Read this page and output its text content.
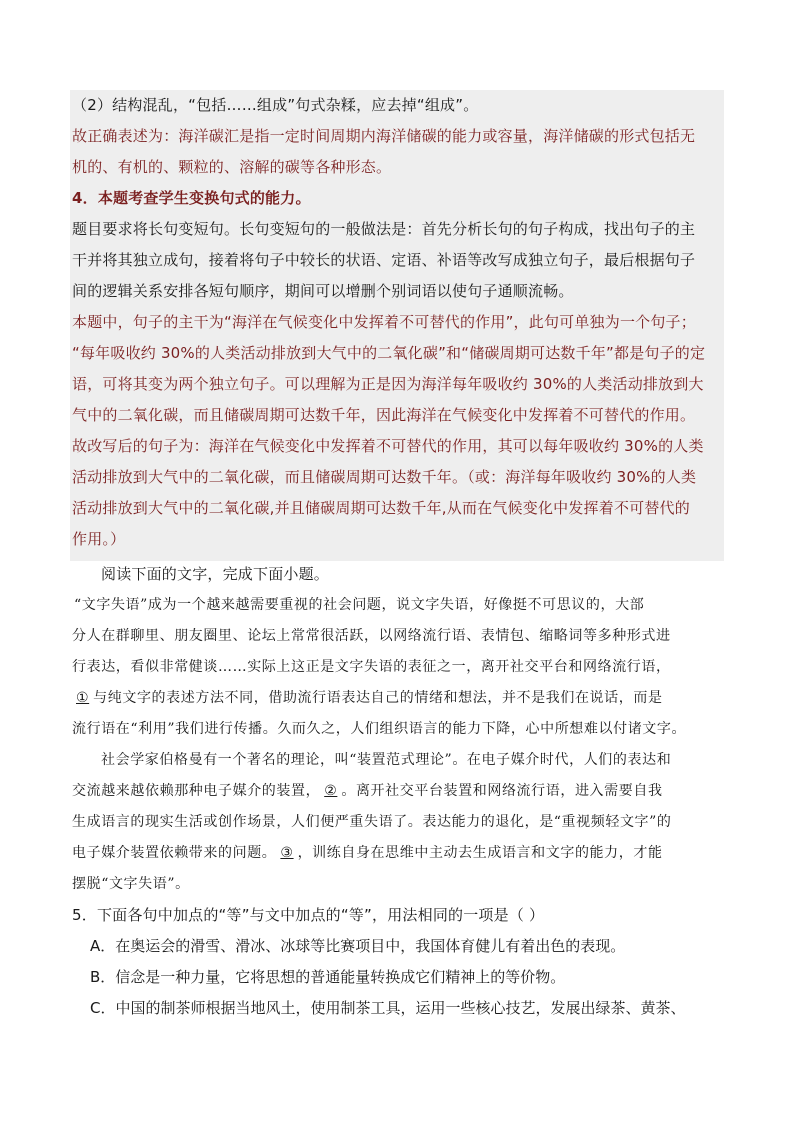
（2）结构混乱，“包括……组成”句式杂糅，应去掉“组成”。
故正确表述为：海洋碳汇是指一定时间周期内海洋储碳的能力或容量，海洋储碳的形式包括无
机的、有机的、颗粒的、溶解的碳等各种形态。
4．本题考查学生变换句式的能力。
题目要求将长句变短句。长句变短句的一般做法是：首先分析长句的句子构成，找出句子的主
干并将其独立成句，接着将句子中较长的状语、定语、补语等改写成独立句子，最后根据句子
间的逻辑关系安排各短句顺序，期间可以增删个别词语以使句子通顺流畅。
本题中，句子的主干为“海洋在气候变化中发挥着不可替代的作用”，此句可单独为一个句子；
“每年吸收约 30%的人类活动排放到大气中的二氧化碳”和“储碳周期可达数千年”都是句子的定
语，可将其变为两个独立句子。可以理解为正是因为海洋每年吸收约 30%的人类活动排放到大
气中的二氧化碳，而且储碳周期可达数千年，因此海洋在气候变化中发挥着不可替代的作用。
故改写后的句子为：海洋在气候变化中发挥着不可替代的作用，其可以每年吸收约 30%的人类
活动排放到大气中的二氧化碳，而且储碳周期可达数千年。（或：海洋每年吸收约 30%的人类
活动排放到大气中的二氧化碳,并且储碳周期可达数千年,从而在气候变化中发挥着不可替代的
作用。）
阅读下面的文字，完成下面小题。
“文字失语”成为一个越来越需要重视的社会问题，说文字失语，好像挺不可思议的，大部
分人在群聊里、朋友圈里、论坛上常常很活跃，以网络流行语、表情包、缩略词等多种形式进
行表达，看似非常健谈……实际上这正是文字失语的表征之一，离开社交平台和网络流行语，
① 与纯文字的表述方法不同，借助流行语表达自己的情绪和想法，并不是我们在说话，而是
流行语在“利用”我们进行传播。久而久之，人们组织语言的能力下降，心中所想难以付诸文字。
社会学家伯格曼有一个著名的理论，叫“装置范式理论”。在电子媒介时代，人们的表达和
交流越来越依赖那种电子媒介的装置， ② 。离开社交平台装置和网络流行语，进入需要自我
生成语言的现实生活或创作场景，人们便严重失语了。表达能力的退化，是“重视频轻文字”的
电子媒介装置依赖带来的问题。 ③ ，训练自身在思维中主动去生成语言和文字的能力，才能
摆脱“文字失语”。
5．下面各句中加点的“等”与文中加点的“等”，用法相同的一项是（ ）
A．在奥运会的滑雪、滑冰、冰球等比赛项目中，我国体育健儿有着出色的表现。
B．信念是一种力量，它将思想的普通能量转换成它们精神上的等价物。
C．中国的制茶师根据当地风土，使用制茶工具，运用一些核心技艺，发展出绿茶、黄茶、
